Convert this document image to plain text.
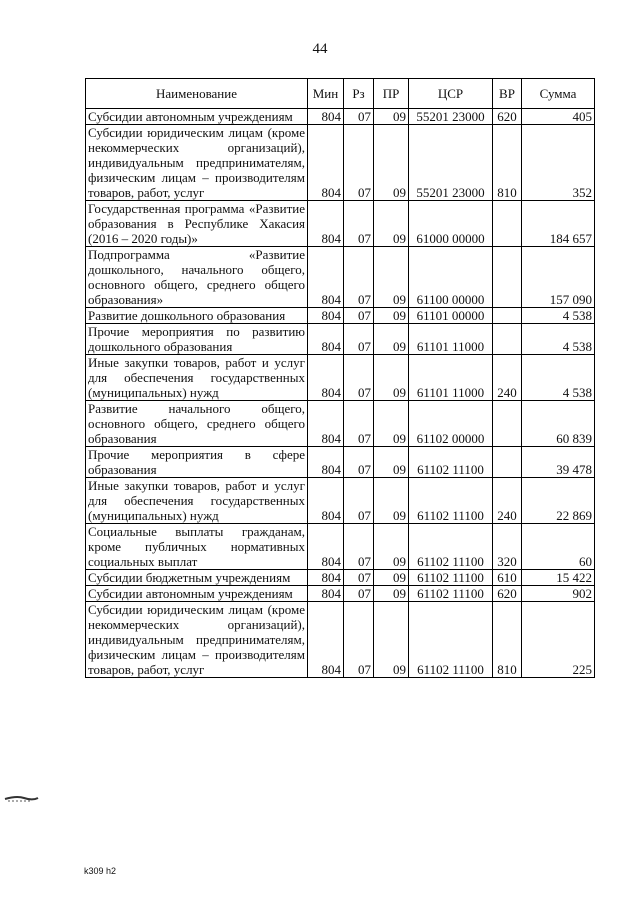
44
Наименование	Мин	Рз	ПР	ЦСР	ВР	Сумма
Субсидии автономным учреждениям	804	07	09	55201 23000	620	405
Субсидии юридическим лицам (кроме некоммерческих организаций), индивидуальным предпринимателям, физическим лицам – производителям товаров, работ, услуг	804	07	09	55201 23000	810	352
Государственная программа «Развитие образования в Республике Хакасия (2016 – 2020 годы)»	804	07	09	61000 00000		184 657
Подпрограмма «Развитие дошкольного, начального общего, основного общего, среднего общего образования»	804	07	09	61100 00000		157 090
Развитие дошкольного образования	804	07	09	61101 00000		4 538
Прочие мероприятия по развитию дошкольного образования	804	07	09	61101 11000		4 538
Иные закупки товаров, работ и услуг для обеспечения государственных (муниципальных) нужд	804	07	09	61101 11000	240	4 538
Развитие начального общего, основного общего, среднего общего образования	804	07	09	61102 00000		60 839
Прочие мероприятия в сфере образования	804	07	09	61102 11100		39 478
Иные закупки товаров, работ и услуг для обеспечения государственных (муниципальных) нужд	804	07	09	61102 11100	240	22 869
Социальные выплаты гражданам, кроме публичных нормативных социальных выплат	804	07	09	61102 11100	320	60
Субсидии бюджетным учреждениям	804	07	09	61102 11100	610	15 422
Субсидии автономным учреждениям	804	07	09	61102 11100	620	902
Субсидии юридическим лицам (кроме некоммерческих организаций), индивидуальным предпринимателям, физическим лицам – производителям товаров, работ, услуг	804	07	09	61102 11100	810	225
k309 h2
